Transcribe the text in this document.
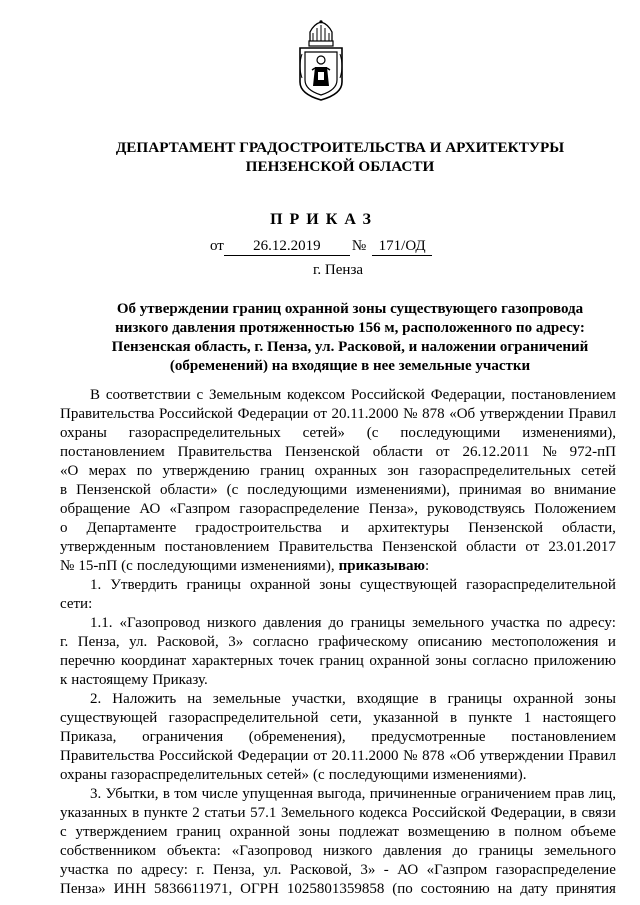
ДЕПАРТАМЕНТ ГРАДОСТРОИТЕЛЬСТВА И АРХИТЕКТУРЫ
ПЕНЗЕНСКОЙ ОБЛАСТИ
ПРИКАЗ
от 26.12.2019 № 171/ОД
г. Пенза
Об утверждении границ охранной зоны существующего газопровода
низкого давления протяженностью 156 м, расположенного по адресу:
Пензенская область, г. Пенза, ул. Расковой, и наложении ограничений
(обременений) на входящие в нее земельные участки
В соответствии с Земельным кодексом Российской Федерации, постановлением
Правительства Российской Федерации от 20.11.2000 № 878 «Об утверждении Правил
охраны газораспределительных сетей» (с последующими изменениями),
постановлением Правительства Пензенской области от 26.12.2011 № 972-пП
«О мерах по утверждению границ охранных зон газораспределительных сетей
в Пензенской области» (с последующими изменениями), принимая во внимание
обращение АО «Газпром газораспределение Пенза», руководствуясь Положением
о Департаменте градостроительства и архитектуры Пензенской области,
утвержденным постановлением Правительства Пензенской области от 23.01.2017
№ 15-пП (с последующими изменениями), приказываю :
1. Утвердить границы охранной зоны существующей газораспределительной
сети:
1.1. «Газопровод низкого давления до границы земельного участка по адресу:
г. Пенза, ул. Расковой, 3» согласно графическому описанию местоположения и
перечню координат характерных точек границ охранной зоны согласно приложению
к настоящему Приказу.
2. Наложить на земельные участки, входящие в границы охранной зоны
существующей газораспределительной сети, указанной в пункте 1 настоящего
Приказа, ограничения (обременения), предусмотренные постановлением
Правительства Российской Федерации от 20.11.2000 № 878 «Об утверждении Правил
охраны газораспределительных сетей» (с последующими изменениями).
3. Убытки, в том числе упущенная выгода, причиненные ограничением прав лиц,
указанных в пункте 2 статьи 57.1 Земельного кодекса Российской Федерации, в связи
с утверждением границ охранной зоны подлежат возмещению в полном объеме
собственником объекта: «Газопровод низкого давления до границы земельного
участка по адресу: г. Пенза, ул. Расковой, 3» - АО «Газпром газораспределение
Пенза» ИНН 5836611971, ОГРН 1025801359858 (по состоянию на дату принятия
